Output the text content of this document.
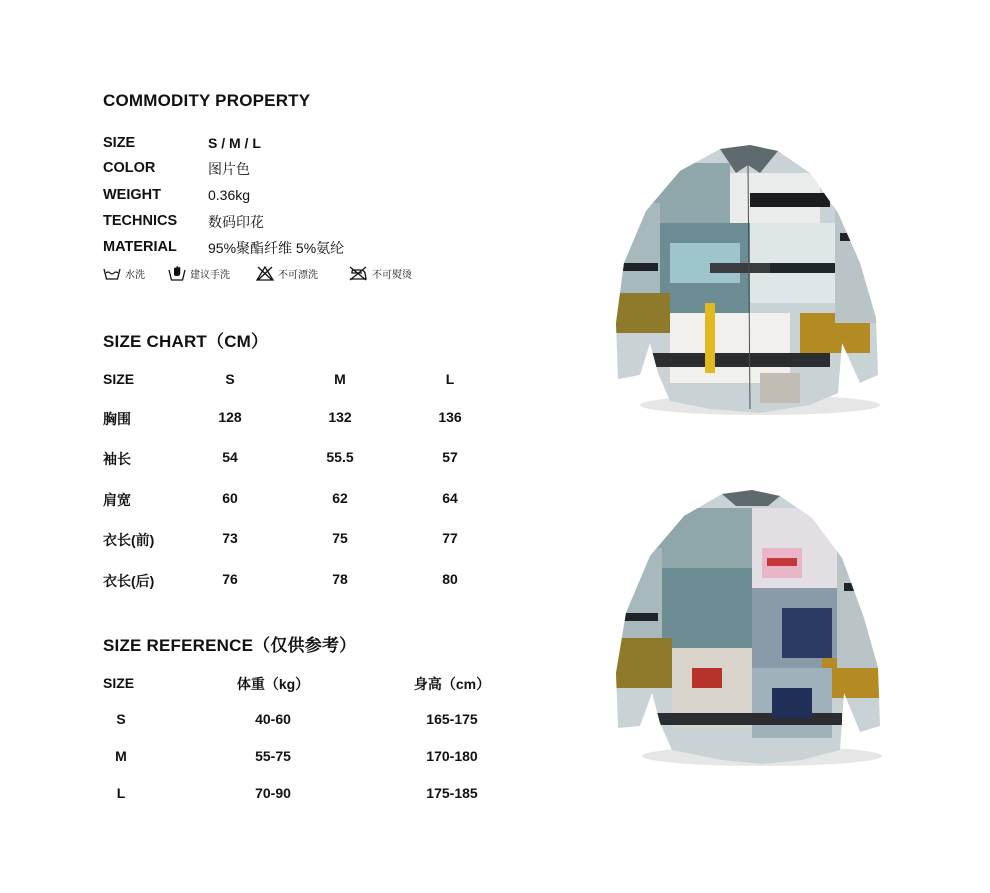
COMMODITY PROPERTY
SIZE	S / M / L
COLOR	图片色
WEIGHT	0.36kg
TECHNICS 数码印花
MATERIAL 95%聚酯纤维 5%氨纶
水洗	建议手洗	不可漂洗	不可熨烫
SIZE CHART（CM）
SIZE	S	M	L
胸围	128	132	136
袖长	54	55.5	57
肩宽	60	62	64
衣长(前)	73	75	77
衣长(后)	76	78	80
SIZE REFERENCE（仅供参考）
SIZE	体重（kg）	身高（cm）
S	40-60	165-175
M	55-75	170-180
L	70-90	175-185
